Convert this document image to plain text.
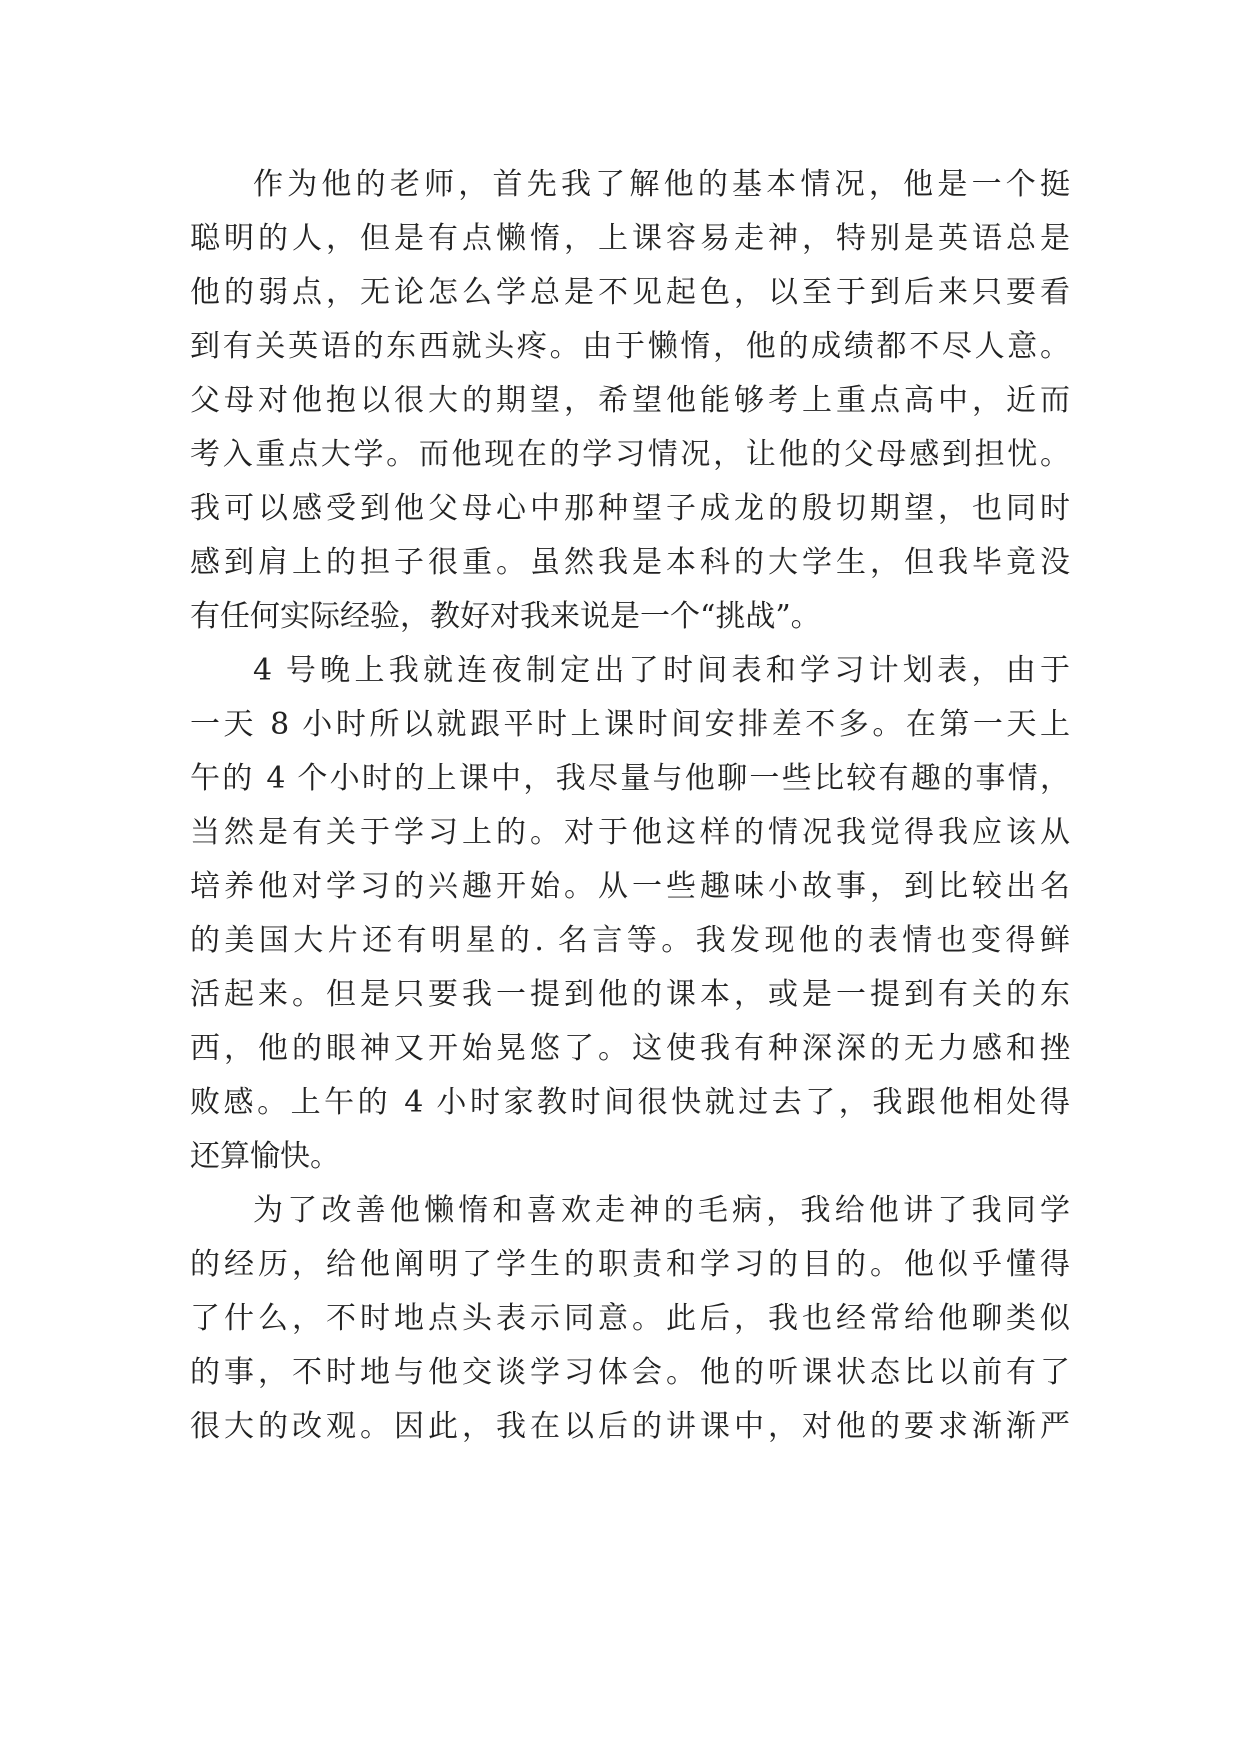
作为他的老师，首先我了解他的基本情况，他是一个挺
聪明的人，但是有点懒惰，上课容易走神，特别是英语总是
他的弱点，无论怎么学总是不见起色，以至于到后来只要看
到有关英语的东西就头疼。由于懒惰，他的成绩都不尽人意。
父母对他抱以很大的期望，希望他能够考上重点高中，近而
考入重点大学。而他现在的学习情况，让他的父母感到担忧。
我可以感受到他父母心中那种望子成龙的殷切期望，也同时
感到肩上的担子很重。虽然我是本科的大学生，但我毕竟没
有任何实际经验，教好对我来说是一个“挑战”。

4 号晚上我就连夜制定出了时间表和学习计划表，由于
一天 8 小时所以就跟平时上课时间安排差不多。在第一天上
午的 4 个小时的上课中，我尽量与他聊一些比较有趣的事情，
当然是有关于学习上的。对于他这样的情况我觉得我应该从
培养他对学习的兴趣开始。从一些趣味小故事，到比较出名
的美国大片还有明星的. 名言等。我发现他的表情也变得鲜
活起来。但是只要我一提到他的课本，或是一提到有关的东
西，他的眼神又开始晃悠了。这使我有种深深的无力感和挫
败感。上午的 4 小时家教时间很快就过去了，我跟他相处得
还算愉快。

为了改善他懒惰和喜欢走神的毛病，我给他讲了我同学
的经历，给他阐明了学生的职责和学习的目的。他似乎懂得
了什么，不时地点头表示同意。此后，我也经常给他聊类似
的事，不时地与他交谈学习体会。他的听课状态比以前有了
很大的改观。因此，我在以后的讲课中，对他的要求渐渐严
